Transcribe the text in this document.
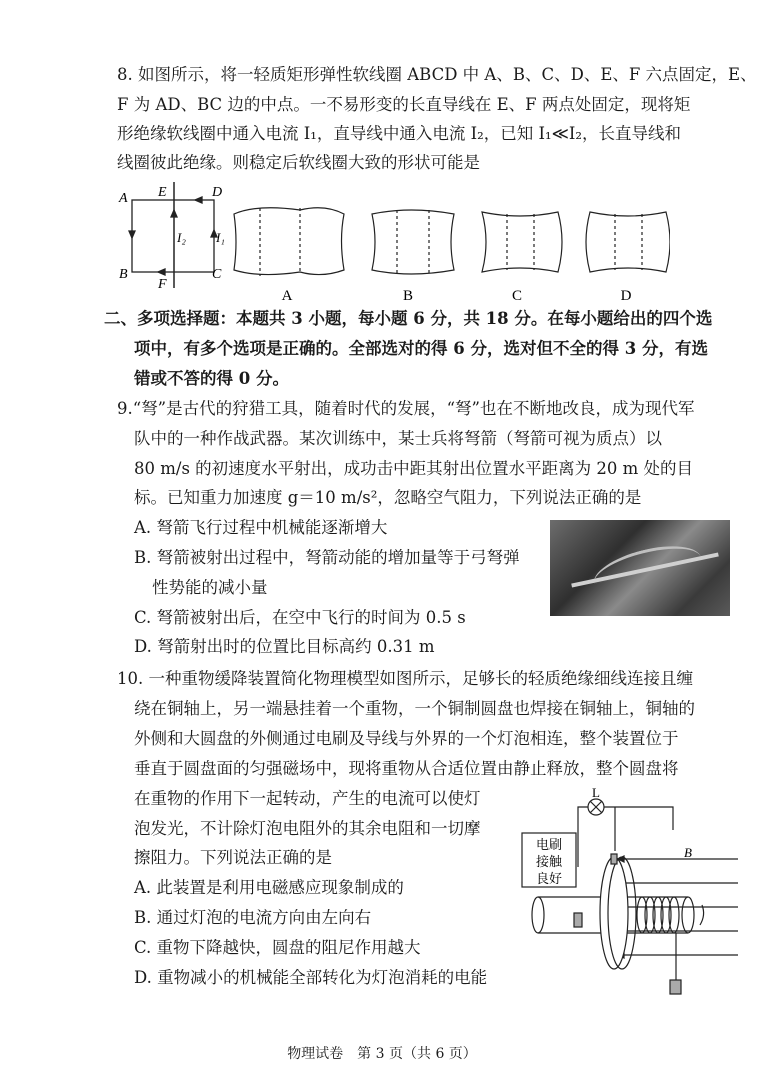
8. 如图所示，将一轻质矩形弹性软线圈 ABCD 中 A、B、C、D、E、F 六点固定，E、
F 为 AD、BC 边的中点。一不易形变的长直导线在 E、F 两点处固定，现将矩
形绝缘软线圈中通入电流 I₁，直导线中通入电流 I₂，已知 I₁≪I₂，长直导线和
线圈彼此绝缘。则稳定后软线圈大致的形状可能是
A E	D
B
F
C
I₂ I₁
A	B	C	D
二、多项选择题：本题共 3 小题，每小题 6 分，共 18 分。在每小题给出的四个选
项中，有多个选项是正确的。全部选对的得 6 分，选对但不全的得 3 分，有选
错或不答的得 0 分。
9.“弩”是古代的狩猎工具，随着时代的发展，“弩”也在不断地改良，成为现代军
队中的一种作战武器。某次训练中，某士兵将弩箭（弩箭可视为质点）以
80 m/s 的初速度水平射出，成功击中距其射出位置水平距离为 20 m 处的目
标。已知重力加速度 g＝10 m/s²，忽略空气阻力，下列说法正确的是
A. 弩箭飞行过程中机械能逐渐增大
B. 弩箭被射出过程中，弩箭动能的增加量等于弓弩弹
性势能的减小量
C. 弩箭被射出后，在空中飞行的时间为 0.5 s
D. 弩箭射出时的位置比目标高约 0.31 m
10. 一种重物缓降装置简化物理模型如图所示，足够长的轻质绝缘细线连接且缠
绕在铜轴上，另一端悬挂着一个重物，一个铜制圆盘也焊接在铜轴上，铜轴的
外侧和大圆盘的外侧通过电刷及导线与外界的一个灯泡相连，整个装置位于
垂直于圆盘面的匀强磁场中，现将重物从合适位置由静止释放，整个圆盘将
在重物的作用下一起转动，产生的电流可以使灯
泡发光，不计除灯泡电阻外的其余电阻和一切摩
擦阻力。下列说法正确的是
A. 此装置是利用电磁感应现象制成的
B. 通过灯泡的电流方向由左向右
C. 重物下降越快，圆盘的阻尼作用越大
D. 重物减小的机械能全部转化为灯泡消耗的电能
L
B
电刷
接触
良好
物理试卷　第 3 页（共 6 页）
